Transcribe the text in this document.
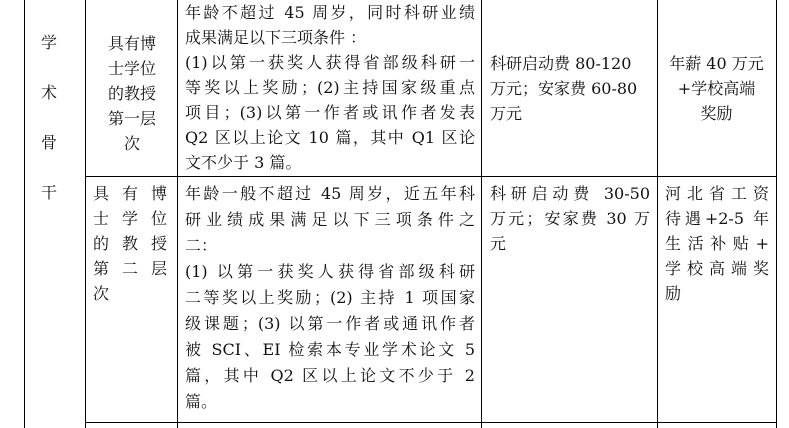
学
术
骨
干
具有博
士学位
的教授
第一层
次
年龄不超过 45 周岁，同时科研业绩
成果满足以下三项条件 ：
(1)以第一获奖人获得省部级科研一
等奖以上奖励；(2)主持国家级重点
项目；(3)以第一作者或讯作者发表
Q2 区以上论文 10 篇，其中 Q1 区论
文不少于 3 篇。
科研启动费 80-120
万元；安家费 60-80
万元
年薪 40 万元
+学校高端
奖励
具有博
士学位
的教授
第二层
次
年龄一般不超过 45 周岁，近五年科
研业绩成果满足以下三项条件之
二：
(1) 以第一获奖人获得省部级科研
二等奖以上奖励；(2) 主持 1 项国家
级课题；(3) 以第一作者或通讯作者
被 SCI、EI 检索本专业学术论文 5
篇，其中 Q2 区以上论文不少于 2
篇。
科研启动费 30-50
万元；安家费 30 万
元
河北省工资
待遇+2-5 年
生活补贴+
学校高端奖
励
